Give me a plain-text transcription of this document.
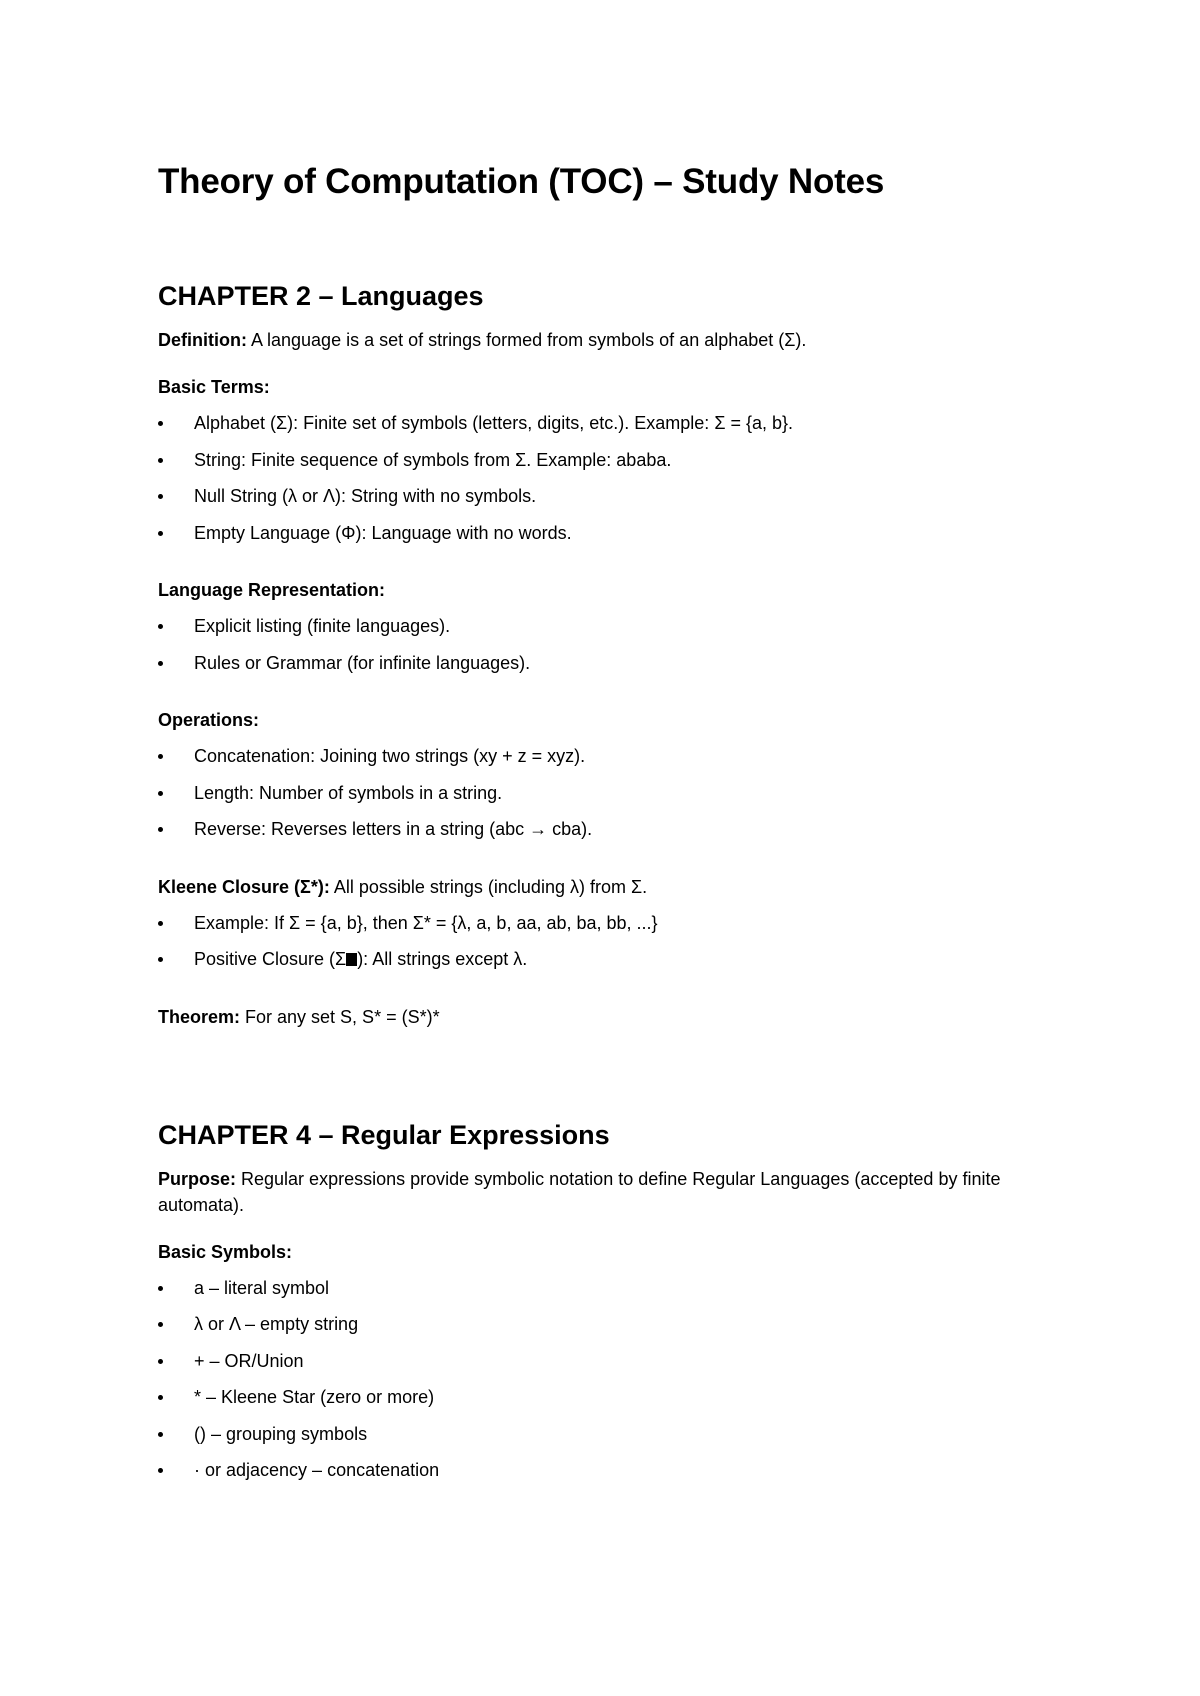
Theory of Computation (TOC) – Study Notes
CHAPTER 2 – Languages

Definition: A language is a set of strings formed from symbols of an alphabet (Σ).

Basic Terms:

Alphabet (Σ): Finite set of symbols (letters, digits, etc.). Example: Σ = {a, b}.
String: Finite sequence of symbols from Σ. Example: ababa.
Null String (λ or Λ): String with no symbols.
Empty Language (Φ): Language with no words.

Language Representation:

Explicit listing (finite languages).
Rules or Grammar (for infinite languages).

Operations:

Concatenation: Joining two strings (xy + z = xyz).
Length: Number of symbols in a string.
Reverse: Reverses letters in a string (abc → cba).

Kleene Closure (Σ*): All possible strings (including λ) from Σ.

Example: If Σ = {a, b}, then Σ* = {λ, a, b, aa, ab, ba, bb, ...}
Positive Closure (Σ ): All strings except λ.

Theorem: For any set S, S* = (S*)*

CHAPTER 4 – Regular Expressions

Purpose: Regular expressions provide symbolic notation to define Regular Languages (accepted by finite automata).

Basic Symbols:

a – literal symbol
λ or Λ – empty string
+ – OR/Union
* – Kleene Star (zero or more)
() – grouping symbols
· or adjacency – concatenation
